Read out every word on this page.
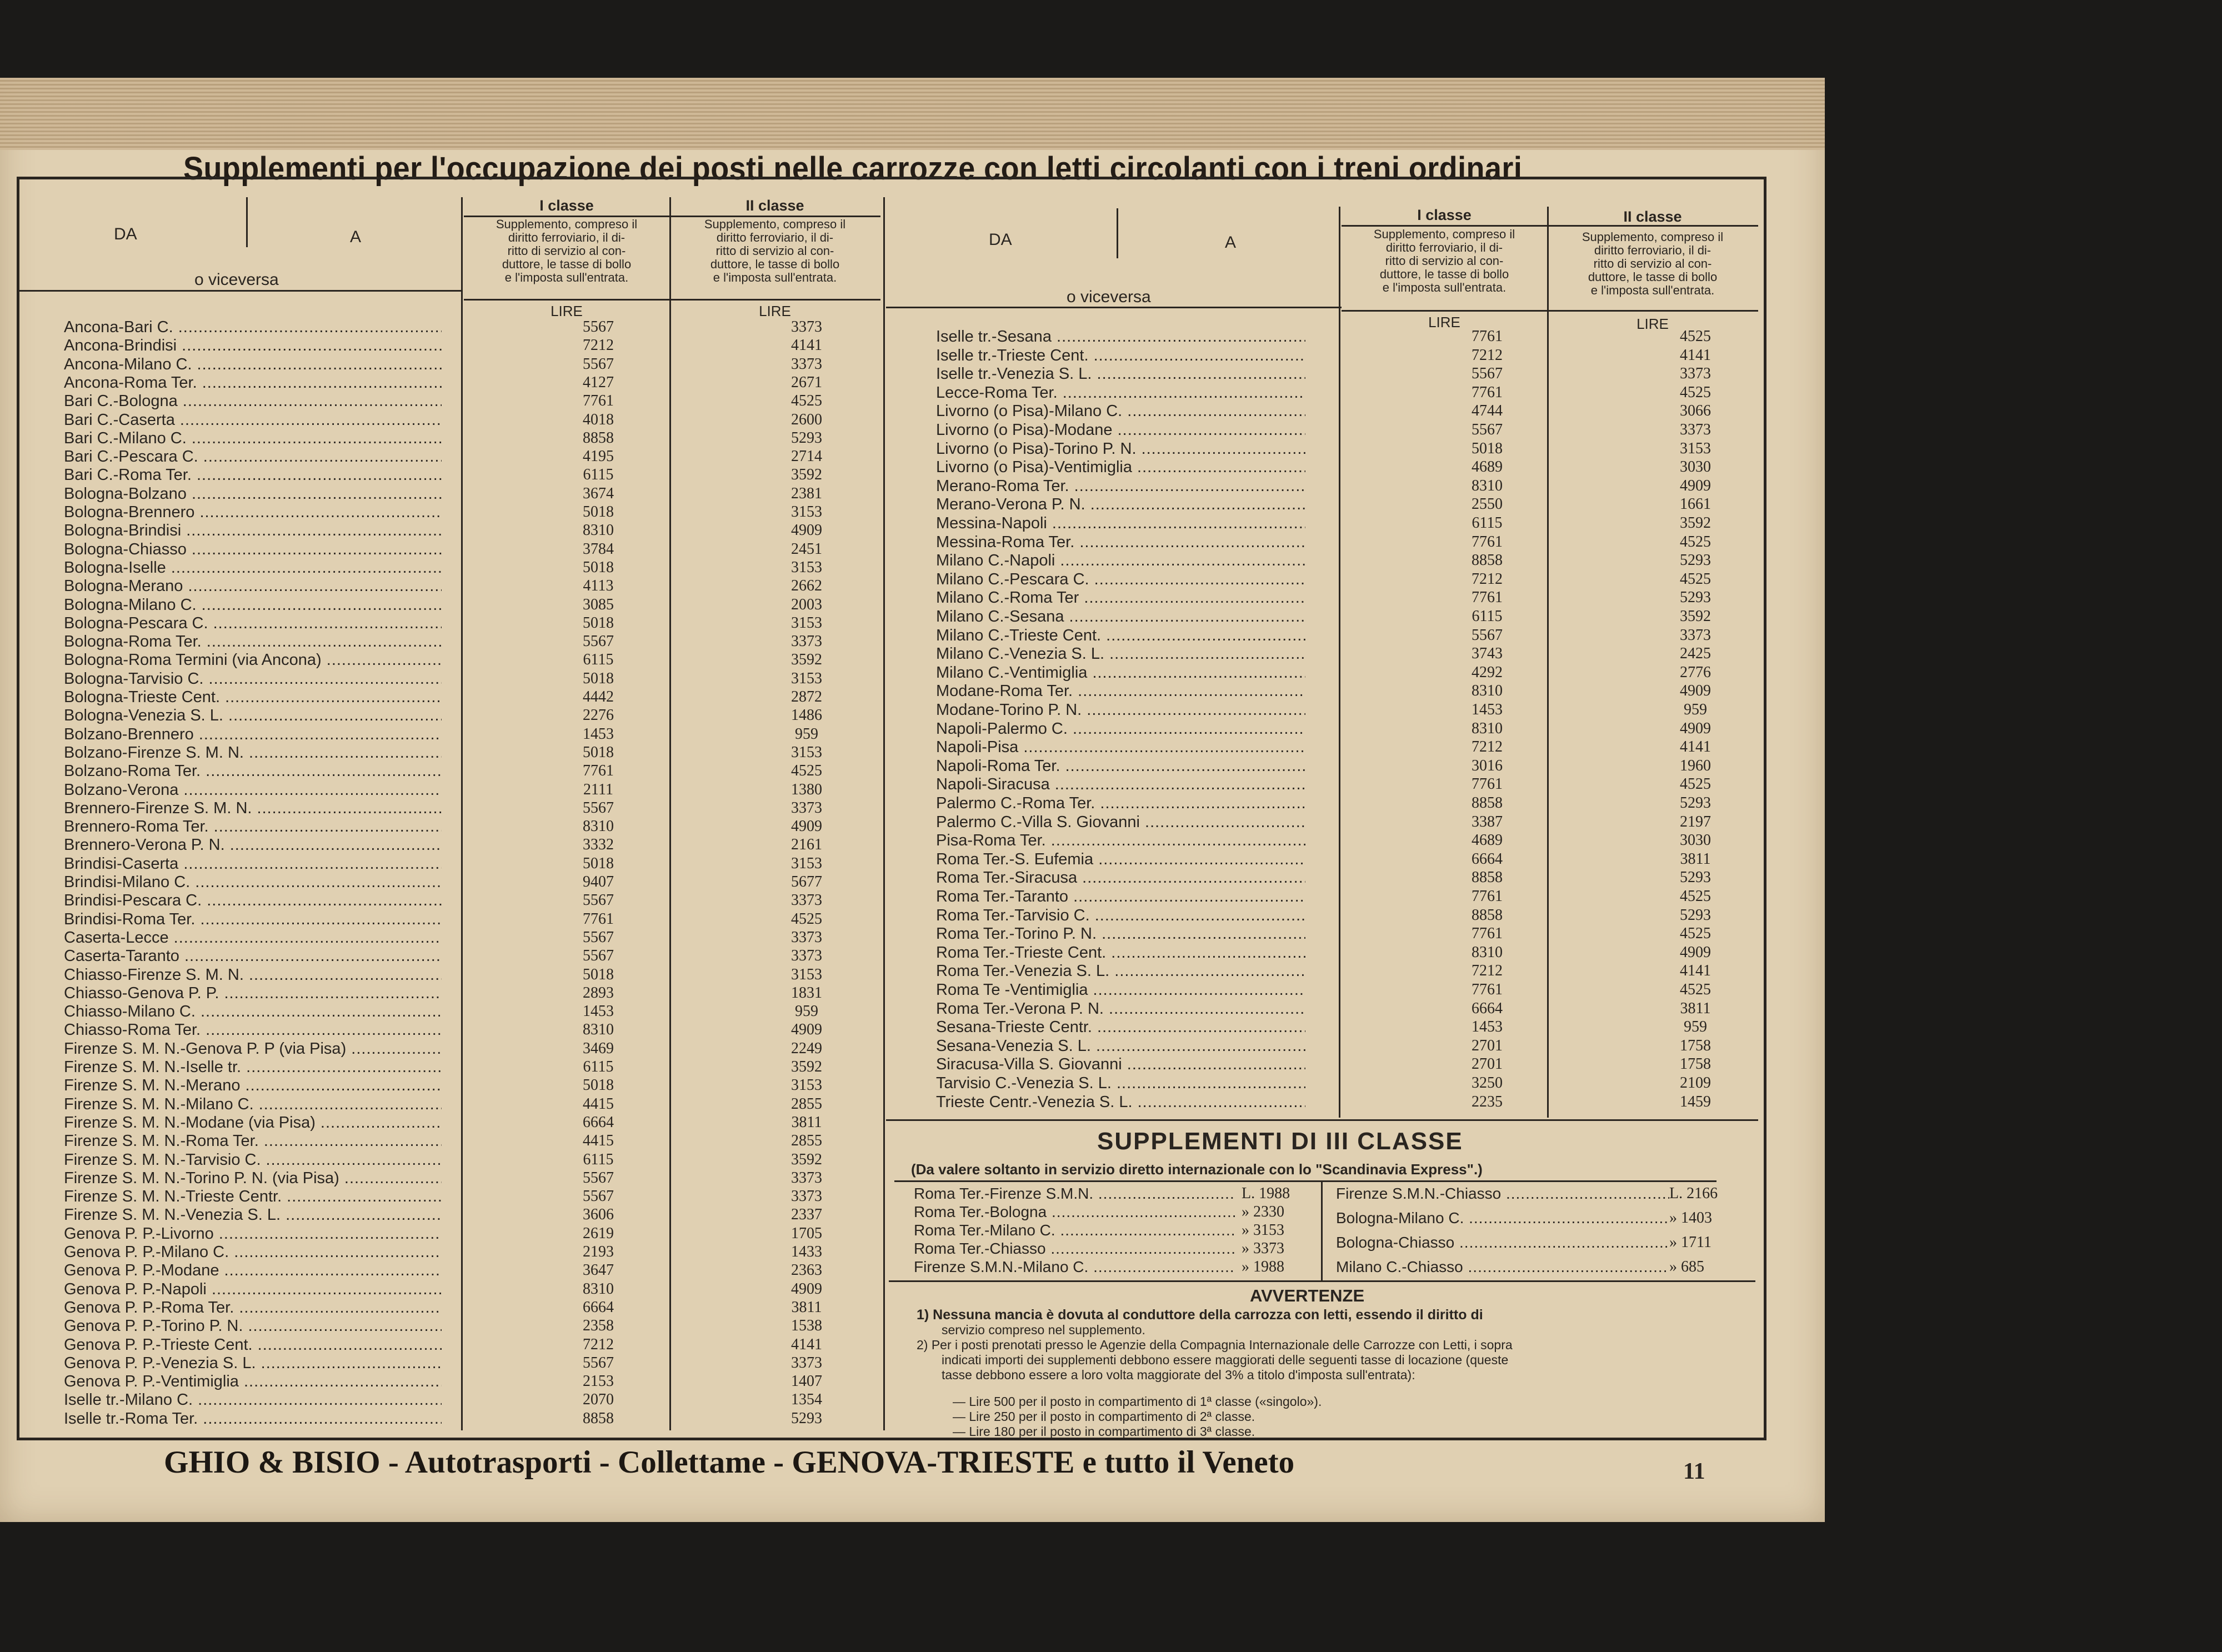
Supplementi per l'occupazione dei posti nelle carrozze con letti circolanti con i treni ordinari
DA	A
o viceversa
I classe	II classe
Supplemento, compreso il
diritto ferroviario, il di-
ritto di servizio al con-
duttore, le tasse di bollo
e l'imposta sull'entrata.
Supplemento, compreso il
diritto ferroviario, il di-
ritto di servizio al con-
duttore, le tasse di bollo
e l'imposta sull'entrata.
LIRE	LIRE
Ancona-Bari C. .....	5567	3373
Ancona-Brindisi .....	7212	4141
Ancona-Milano C. .....	5567	3373
Ancona-Roma Ter. .....	4127	2671
Bari C.-Bologna .....	7761	4525
Bari C.-Caserta .....	4018	2600
Bari C.-Milano C. .....	8858	5293
Bari C.-Pescara C. .....	4195	2714
Bari C.-Roma Ter. .....	6115	3592
Bologna-Bolzano .....	3674	2381
Bologna-Brennero .....	5018	3153
Bologna-Brindisi .....	8310	4909
Bologna-Chiasso .....	3784	2451
Bologna-Iselle .....	5018	3153
Bologna-Merano .....	4113	2662
Bologna-Milano C. .....	3085	2003
Bologna-Pescara C. .....	5018	3153
Bologna-Roma Ter. .....	5567	3373
Bologna-Roma Termini (via Ancona) .....	6115	3592
Bologna-Tarvisio C. .....	5018	3153
Bologna-Trieste Cent. .....	4442	2872
Bologna-Venezia S. L. .....	2276	1486
Bolzano-Brennero .....	1453	959
Bolzano-Firenze S. M. N. .....	5018	3153
Bolzano-Roma Ter. .....	7761	4525
Bolzano-Verona .....	2111	1380
Brennero-Firenze S. M. N. .....	5567	3373
Brennero-Roma Ter. .....	8310	4909
Brennero-Verona P. N. .....	3332	2161
Brindisi-Caserta .....	5018	3153
Brindisi-Milano C. .....	9407	5677
Brindisi-Pescara C. .....	5567	3373
Brindisi-Roma Ter. .....	7761	4525
Caserta-Lecce .....	5567	3373
Caserta-Taranto .....	5567	3373
Chiasso-Firenze S. M. N. .....	5018	3153
Chiasso-Genova P. P. .....	2893	1831
Chiasso-Milano C. .....	1453	959
Chiasso-Roma Ter. .....	8310	4909
Firenze S. M. N.-Genova P. P (via Pisa) .....	3469	2249
Firenze S. M. N.-Iselle tr. .....	6115	3592
Firenze S. M. N.-Merano .....	5018	3153
Firenze S. M. N.-Milano C. .....	4415	2855
Firenze S. M. N.-Modane (via Pisa) .....	6664	3811
Firenze S. M. N.-Roma Ter. .....	4415	2855
Firenze S. M. N.-Tarvisio C. .....	6115	3592
Firenze S. M. N.-Torino P. N. (via Pisa) .....	5567	3373
Firenze S. M. N.-Trieste Centr. .....	5567	3373
Firenze S. M. N.-Venezia S. L. .....	3606	2337
Genova P. P.-Livorno .....	2619	1705
Genova P. P.-Milano C. .....	2193	1433
Genova P. P.-Modane .....	3647	2363
Genova P. P.-Napoli .....	8310	4909
Genova P. P.-Roma Ter. .....	6664	3811
Genova P. P.-Torino P. N. .....	2358	1538
Genova P. P.-Trieste Cent. .....	7212	4141
Genova P. P.-Venezia S. L. .....	5567	3373
Genova P. P.-Ventimiglia .....	2153	1407
Iselle tr.-Milano C. .....	2070	1354
Iselle tr.-Roma Ter. .....	8858	5293
DA	A
o viceversa
I classe	II classe
Supplemento, compreso il
diritto ferroviario, il di-
ritto di servizio al con-
duttore, le tasse di bollo
e l'imposta sull'entrata.
Supplemento, compreso il
diritto ferroviario, il di-
ritto di servizio al con-
duttore, le tasse di bollo
e l'imposta sull'entrata.
LIRE	LIRE
Iselle tr.-Sesana .....	7761	4525
Iselle tr.-Trieste Cent. .....	7212	4141
Iselle tr.-Venezia S. L. .....	5567	3373
Lecce-Roma Ter. .....	7761	4525
Livorno (o Pisa)-Milano C. .....	4744	3066
Livorno (o Pisa)-Modane .....	5567	3373
Livorno (o Pisa)-Torino P. N. .....	5018	3153
Livorno (o Pisa)-Ventimiglia .....	4689	3030
Merano-Roma Ter. .....	8310	4909
Merano-Verona P. N. .....	2550	1661
Messina-Napoli .....	6115	3592
Messina-Roma Ter. .....	7761	4525
Milano C.-Napoli .....	8858	5293
Milano C.-Pescara C. .....	7212	4525
Milano C.-Roma Ter .....	7761	5293
Milano C.-Sesana .....	6115	3592
Milano C.-Trieste Cent. .....	5567	3373
Milano C.-Venezia S. L. .....	3743	2425
Milano C.-Ventimiglia .....	4292	2776
Modane-Roma Ter. .....	8310	4909
Modane-Torino P. N. .....	1453	959
Napoli-Palermo C. .....	8310	4909
Napoli-Pisa .....	7212	4141
Napoli-Roma Ter. .....	3016	1960
Napoli-Siracusa .....	7761	4525
Palermo C.-Roma Ter. .....	8858	5293
Palermo C.-Villa S. Giovanni .....	3387	2197
Pisa-Roma Ter. .....	4689	3030
Roma Ter.-S. Eufemia .....	6664	3811
Roma Ter.-Siracusa .....	8858	5293
Roma Ter.-Taranto .....	7761	4525
Roma Ter.-Tarvisio C. .....	8858	5293
Roma Ter.-Torino P. N. .....	7761	4525
Roma Ter.-Trieste Cent. .....	8310	4909
Roma Ter.-Venezia S. L. .....	7212	4141
Roma Te -Ventimiglia .....	7761	4525
Roma Ter.-Verona P. N. .....	6664	3811
Sesana-Trieste Centr. .....	1453	959
Sesana-Venezia S. L. .....	2701	1758
Siracusa-Villa S. Giovanni .....	2701	1758
Tarvisio C.-Venezia S. L. .....	3250	2109
Trieste Centr.-Venezia S. L. .....	2235	1459
SUPPLEMENTI DI III CLASSE
(Da valere soltanto in servizio diretto internazionale con lo "Scandinavia Express".)
Roma Ter.-Firenze S.M.N. .....	L. 1988
Roma Ter.-Bologna .....	» 2330
Roma Ter.-Milano C. .....	» 3153
Roma Ter.-Chiasso .....	» 3373
Firenze S.M.N.-Milano C. .....	» 1988
Firenze S.M.N.-Chiasso .....	L. 2166
Bologna-Milano C. .....	» 1403
Bologna-Chiasso .....	» 1711
Milano C.-Chiasso .....	» 685
AVVERTENZE
1) Nessuna mancia è dovuta al conduttore della carrozza con letti, essendo il diritto di
servizio compreso nel supplemento.
2) Per i posti prenotati presso le Agenzie della Compagnia Internazionale delle Carrozze con Letti, i sopra
indicati importi dei supplementi debbono essere maggiorati delle seguenti tasse di locazione (queste
tasse debbono essere a loro volta maggiorate del 3% a titolo d'imposta sull'entrata):
— Lire 500 per il posto in compartimento di 1ª classe («singolo»).
— Lire 250 per il posto in compartimento di 2ª classe.
— Lire 180 per il posto in compartimento di 3ª classe.
GHIO & BISIO - Autotrasporti - Collettame - GENOVA-TRIESTE e tutto il Veneto	11
